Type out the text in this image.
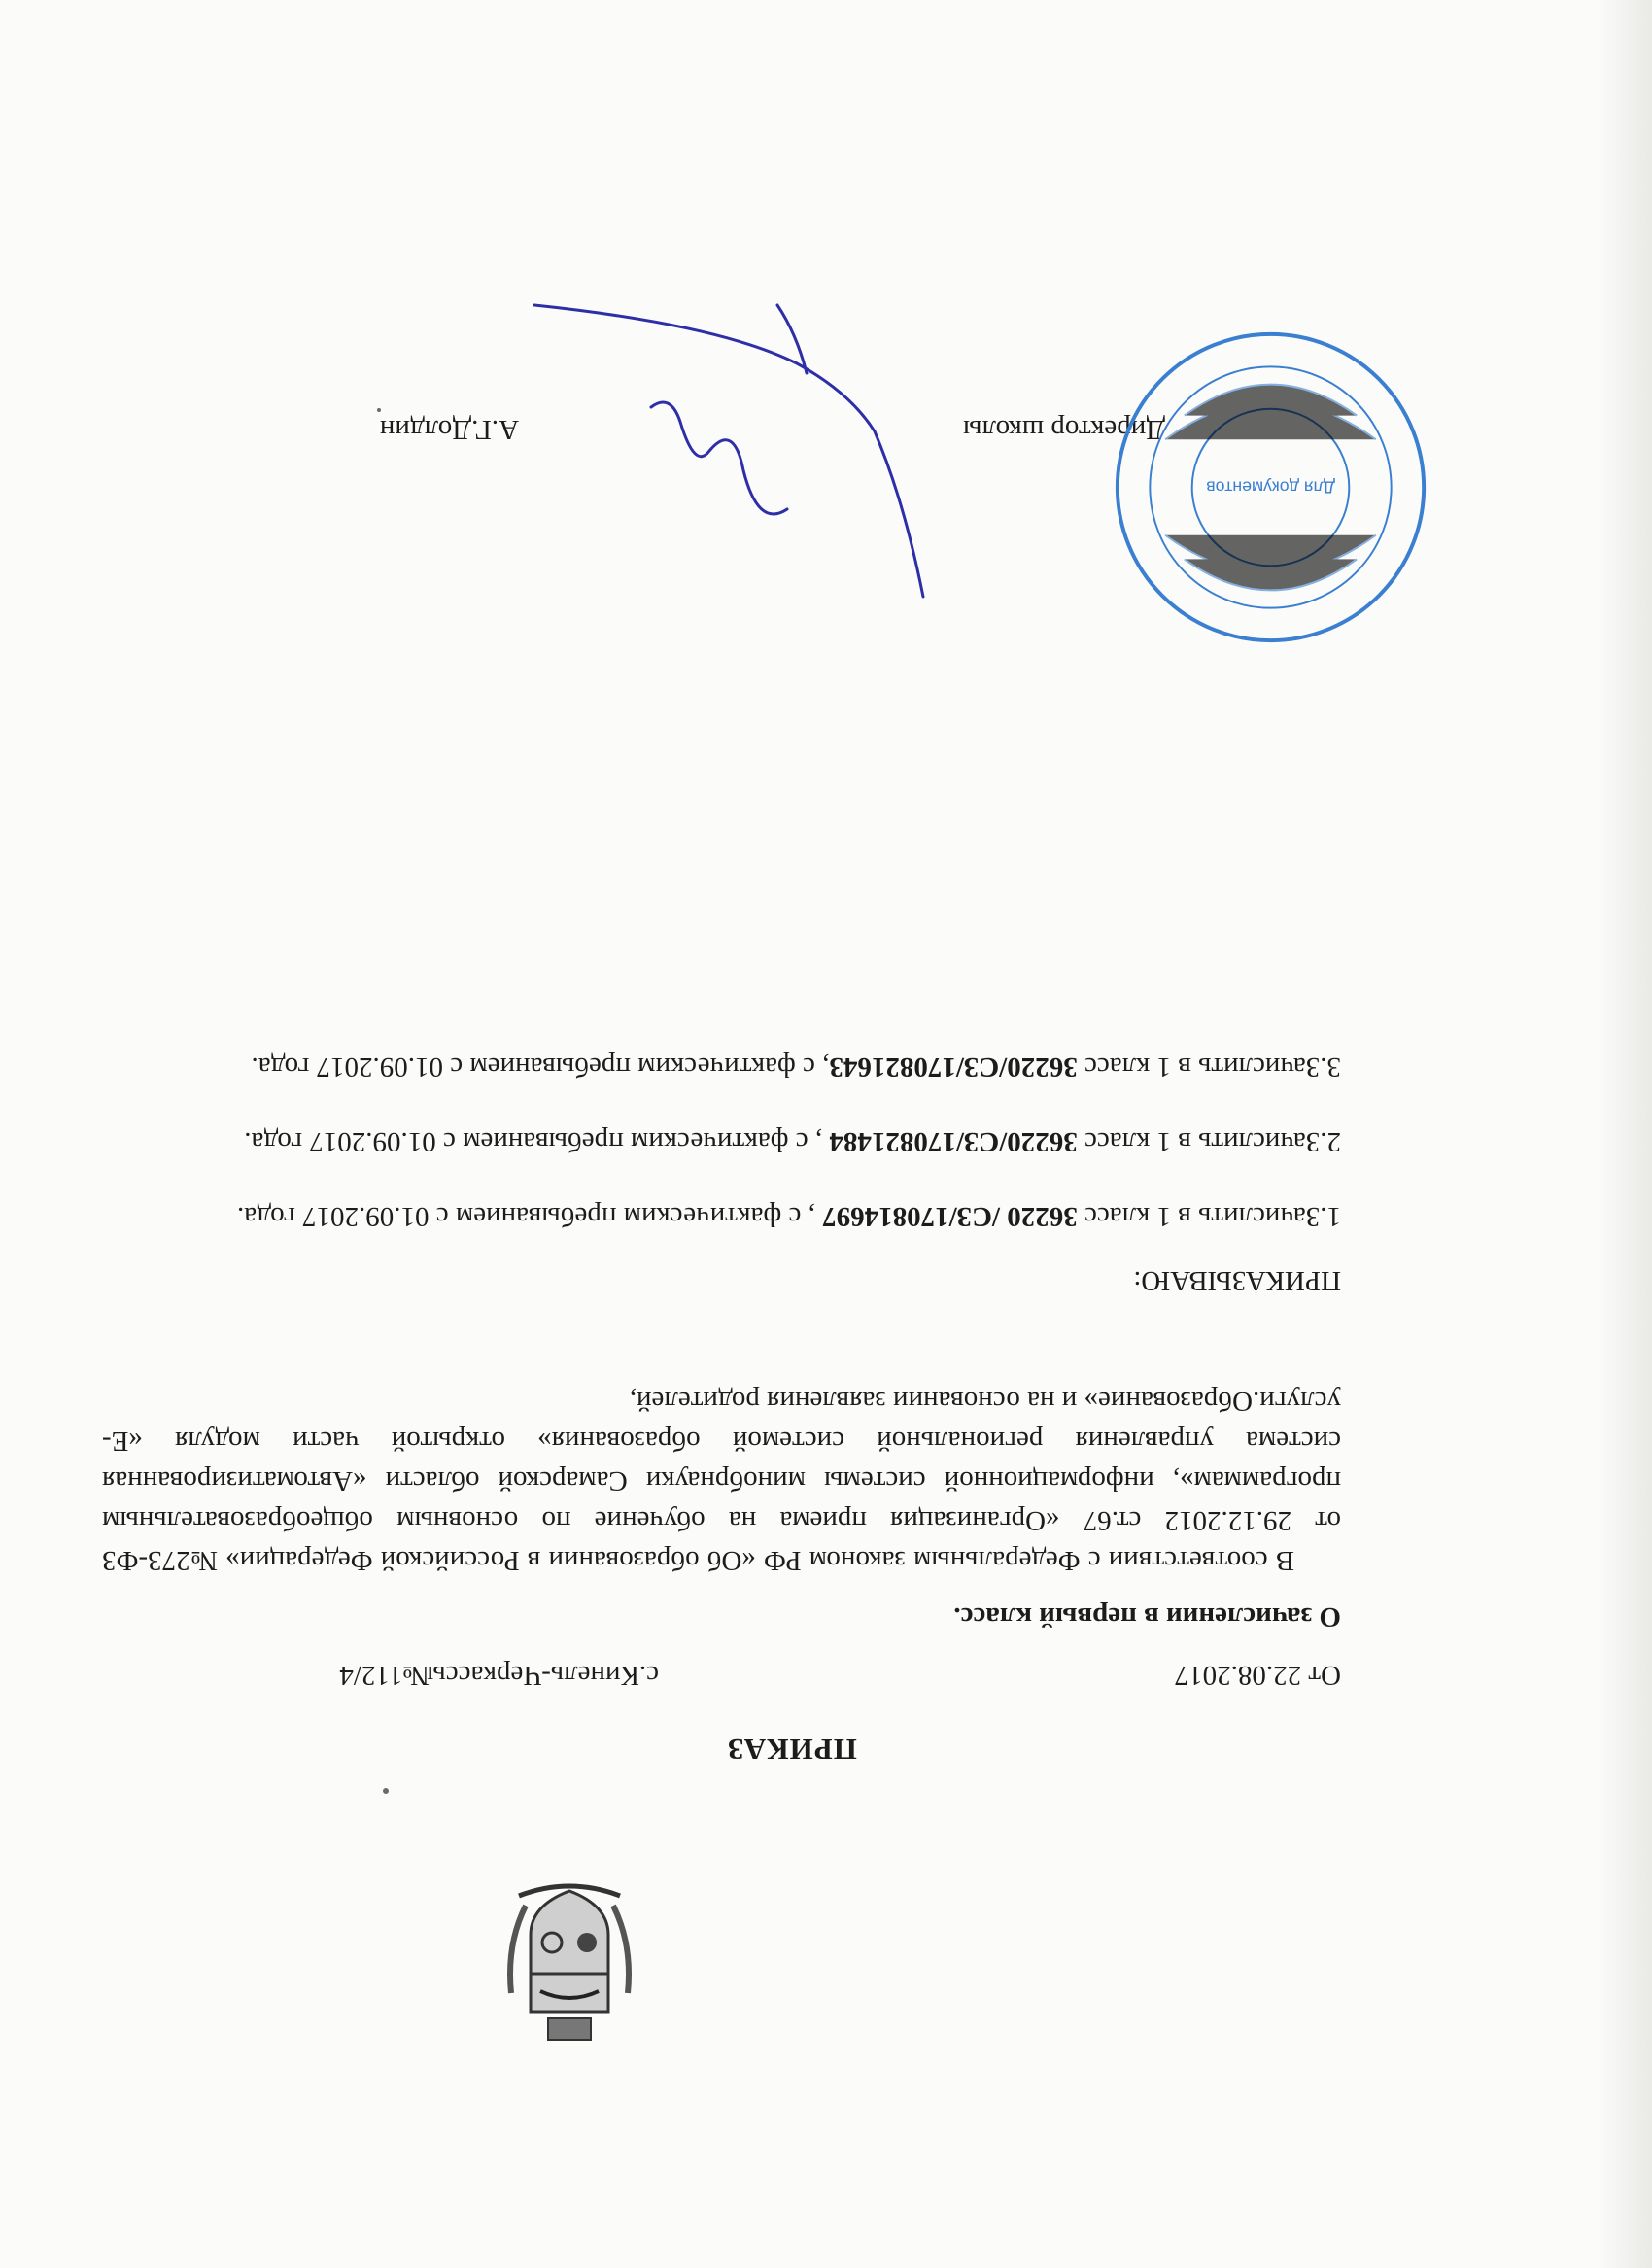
ПРИКАЗ
От 22.08.2017
с.Кинель-Черкассы
№112/4
О зачислении в первый класс.
В соответствии с Федеральным законом РФ «Об образовании в Российской Федерации» №273-ФЗ от 29.12.2012 ст.67 «Организация приема на обучение по основным общеобразовательным программам», информационной системы минобрнауки Самарской области «Автоматизированная система управления региональной системой образования» открытой части модуля «Е-услуги.Образование» и на основании заявления родителей,
ПРИКАЗЫВАЮ:
1.Зачислить в 1 класс 36220 /СЗ/170814697 , с фактическим пребыванием с 01.09.2017 года.
2.Зачислить в 1 класс 36220/СЗ/170821484 , с фактическим пребыванием с 01.09.2017 года.
3.Зачислить в 1 класс 36220/СЗ/170821643, с фактическим пребыванием с 01.09.2017 года.
Директор школы
А.Г.Долдин
Для документов
